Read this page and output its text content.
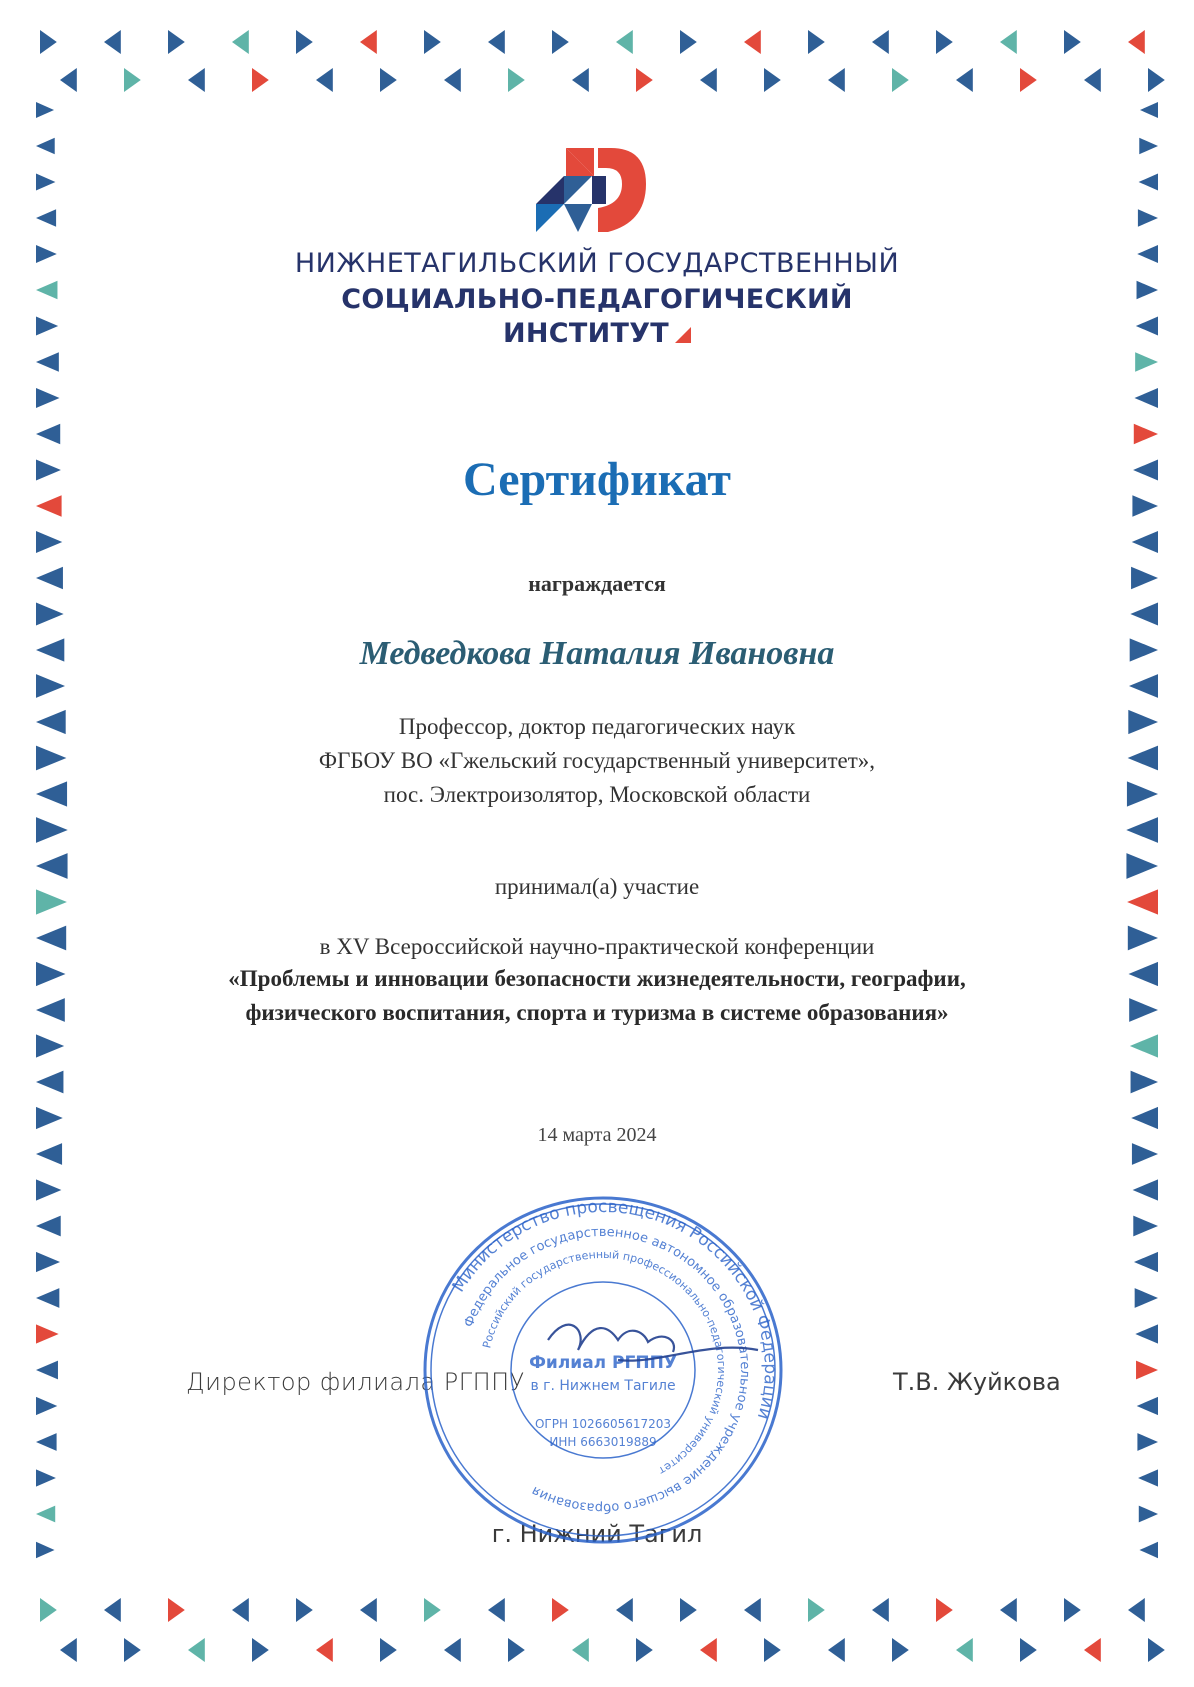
НИЖНЕТАГИЛЬСКИЙ ГОСУДАРСТВЕННЫЙ
СОЦИАЛЬНО-ПЕДАГОГИЧЕСКИЙ
ИНСТИТУТ
Сертификат
награждается
Медведкова Наталия Ивановна
Профессор, доктор педагогических наук
ФГБОУ ВО «Гжельский государственный университет»,
пос. Электроизолятор, Московской области
принимал(а) участие
в XV Всероссийской научно-практической конференции
«Проблемы и инновации безопасности жизнедеятельности, географии,
физического воспитания, спорта и туризма в системе образования»
14 марта 2024
Директор филиала РГППУ	Т.В. Жуйкова
г. Нижний Тагил
Министерство просвещения Российской Федерации
Федеральное государственное автономное образовательное учреждение высшего образования
Российский государственный профессионально-педагогический университет
Филиал РГППУ
в г. Нижнем Тагиле
ОГРН 1026605617203
ИНН 6663019889
